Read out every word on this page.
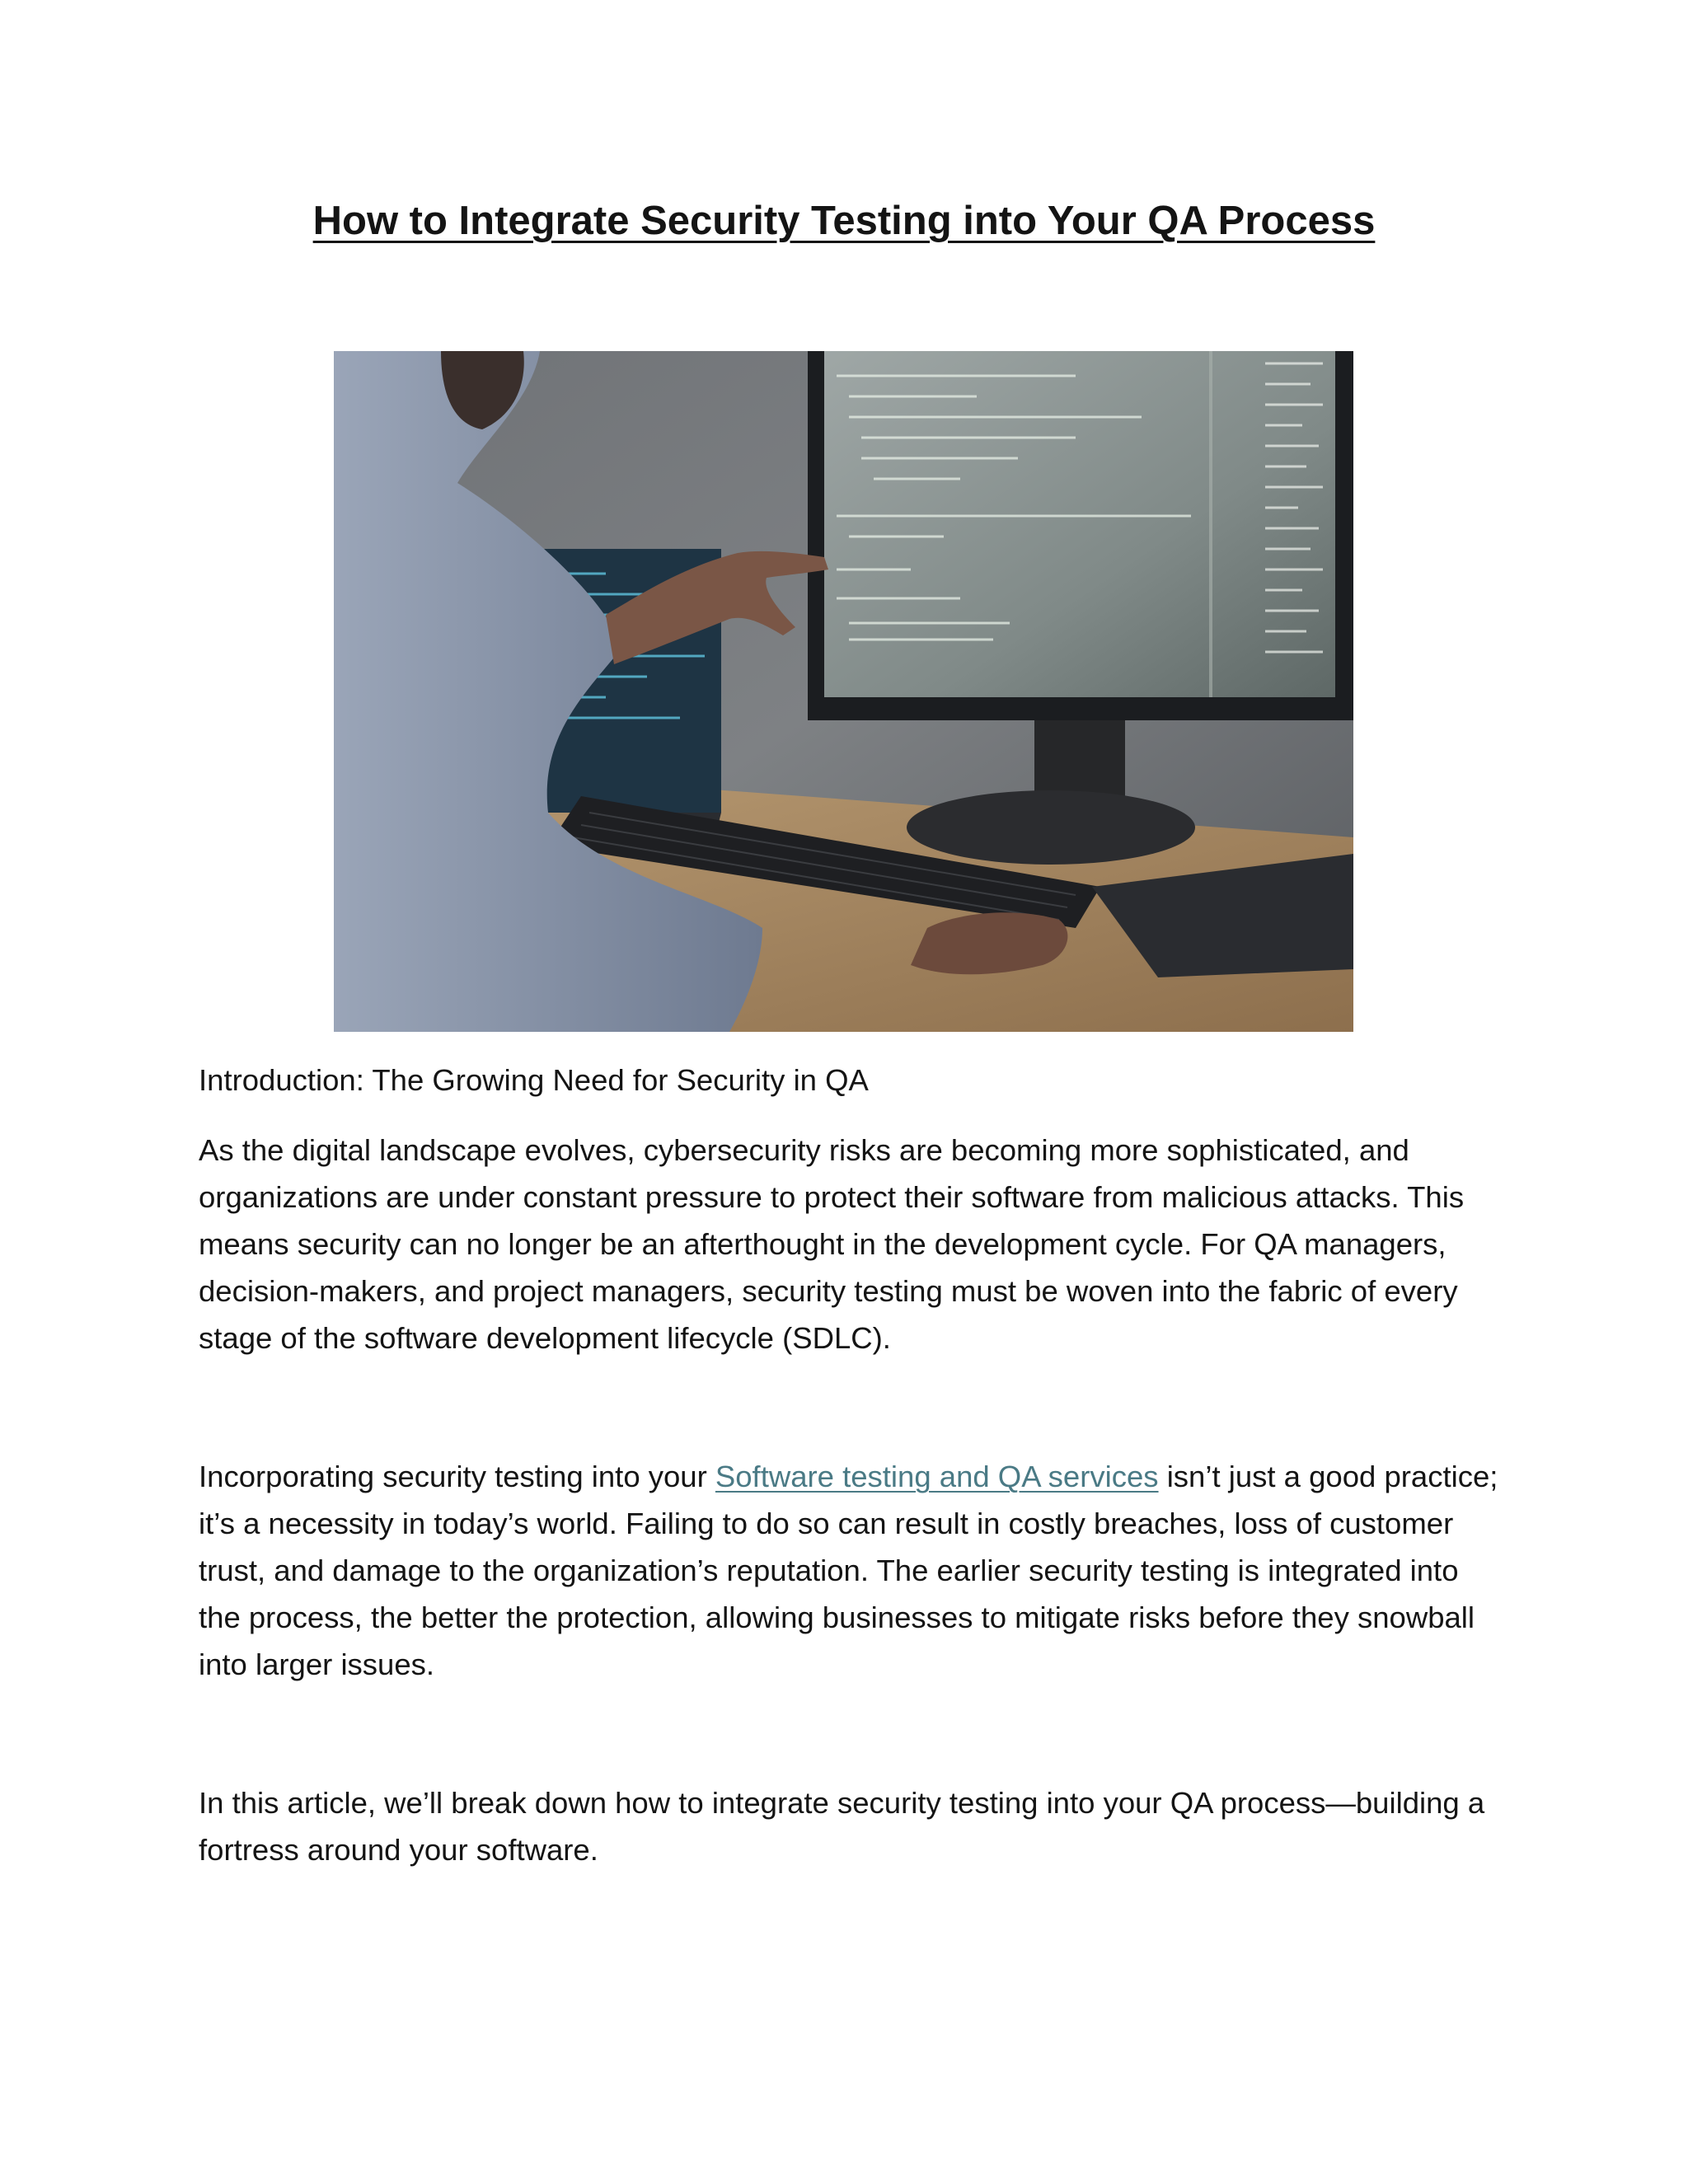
How to Integrate Security Testing into Your QA Process

Introduction: The Growing Need for Security in QA

As the digital landscape evolves, cybersecurity risks are becoming more sophisticated, and organizations are under constant pressure to protect their software from malicious attacks. This means security can no longer be an afterthought in the development cycle. For QA managers, decision-makers, and project managers, security testing must be woven into the fabric of every stage of the software development lifecycle (SDLC).

Incorporating security testing into your Software testing and QA services isn’t just a good practice; it’s a necessity in today’s world. Failing to do so can result in costly breaches, loss of customer trust, and damage to the organization’s reputation. The earlier security testing is integrated into the process, the better the protection, allowing businesses to mitigate risks before they snowball into larger issues.

In this article, we’ll break down how to integrate security testing into your QA process—building a fortress around your software.
